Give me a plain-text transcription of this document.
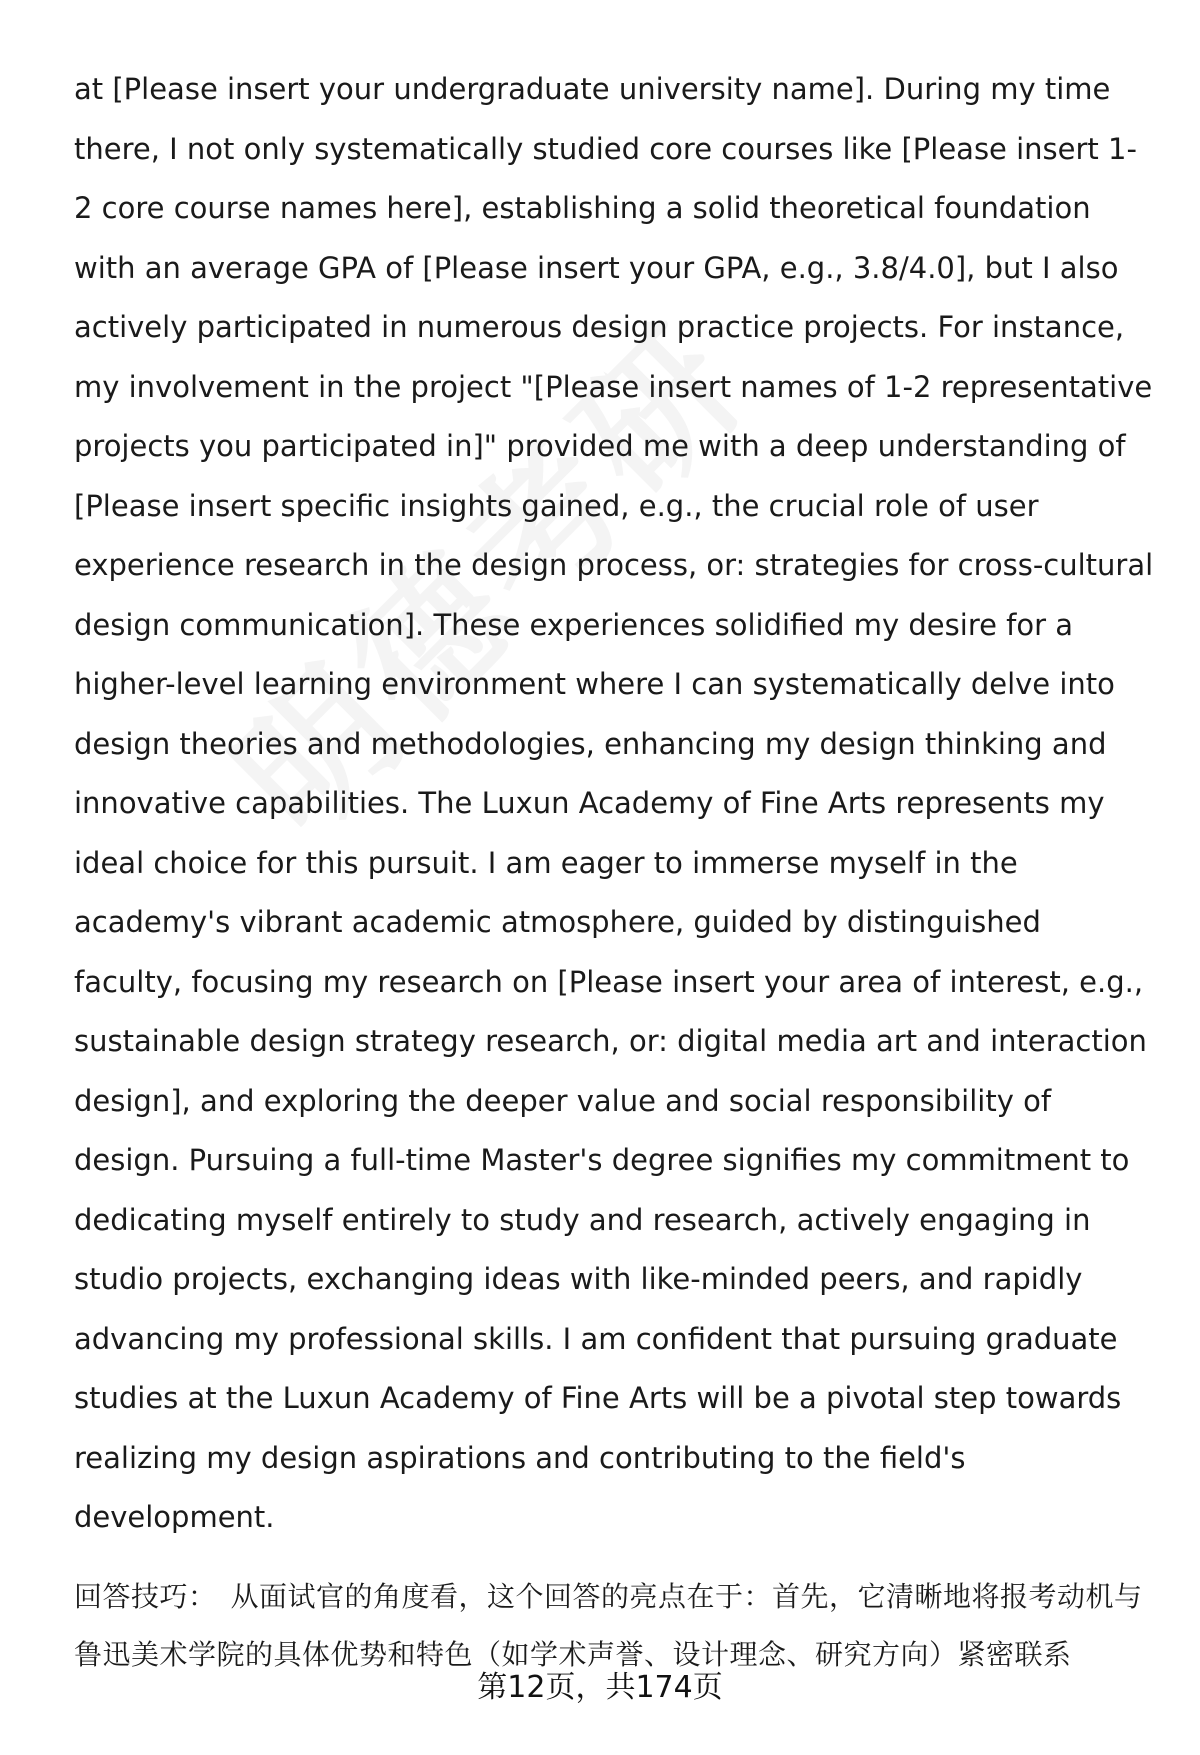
at [Please insert your undergraduate university name]. During my time there, I not only systematically studied core courses like [Please insert 1-2 core course names here], establishing a solid theoretical foundation with an average GPA of [Please insert your GPA, e.g., 3.8/4.0], but I also actively participated in numerous design practice projects. For instance, my involvement in the project "[Please insert names of 1-2 representative projects you participated in]" provided me with a deep understanding of [Please insert specific insights gained, e.g., the crucial role of user experience research in the design process, or: strategies for cross-cultural design communication]. These experiences solidified my desire for a higher-level learning environment where I can systematically delve into design theories and methodologies, enhancing my design thinking and innovative capabilities. The Luxun Academy of Fine Arts represents my ideal choice for this pursuit. I am eager to immerse myself in the academy's vibrant academic atmosphere, guided by distinguished faculty, focusing my research on [Please insert your area of interest, e.g., sustainable design strategy research, or: digital media art and interaction design], and exploring the deeper value and social responsibility of design. Pursuing a full-time Master's degree signifies my commitment to dedicating myself entirely to study and research, actively engaging in studio projects, exchanging ideas with like-minded peers, and rapidly advancing my professional skills. I am confident that pursuing graduate studies at the Luxun Academy of Fine Arts will be a pivotal step towards realizing my design aspirations and contributing to the field's development.

回答技巧： 从面试官的角度看，这个回答的亮点在于：首先，它清晰地将报考动机与鲁迅美术学院的具体优势和特色（如学术声誉、设计理念、研究方向）紧密联系

第12页，共174页
